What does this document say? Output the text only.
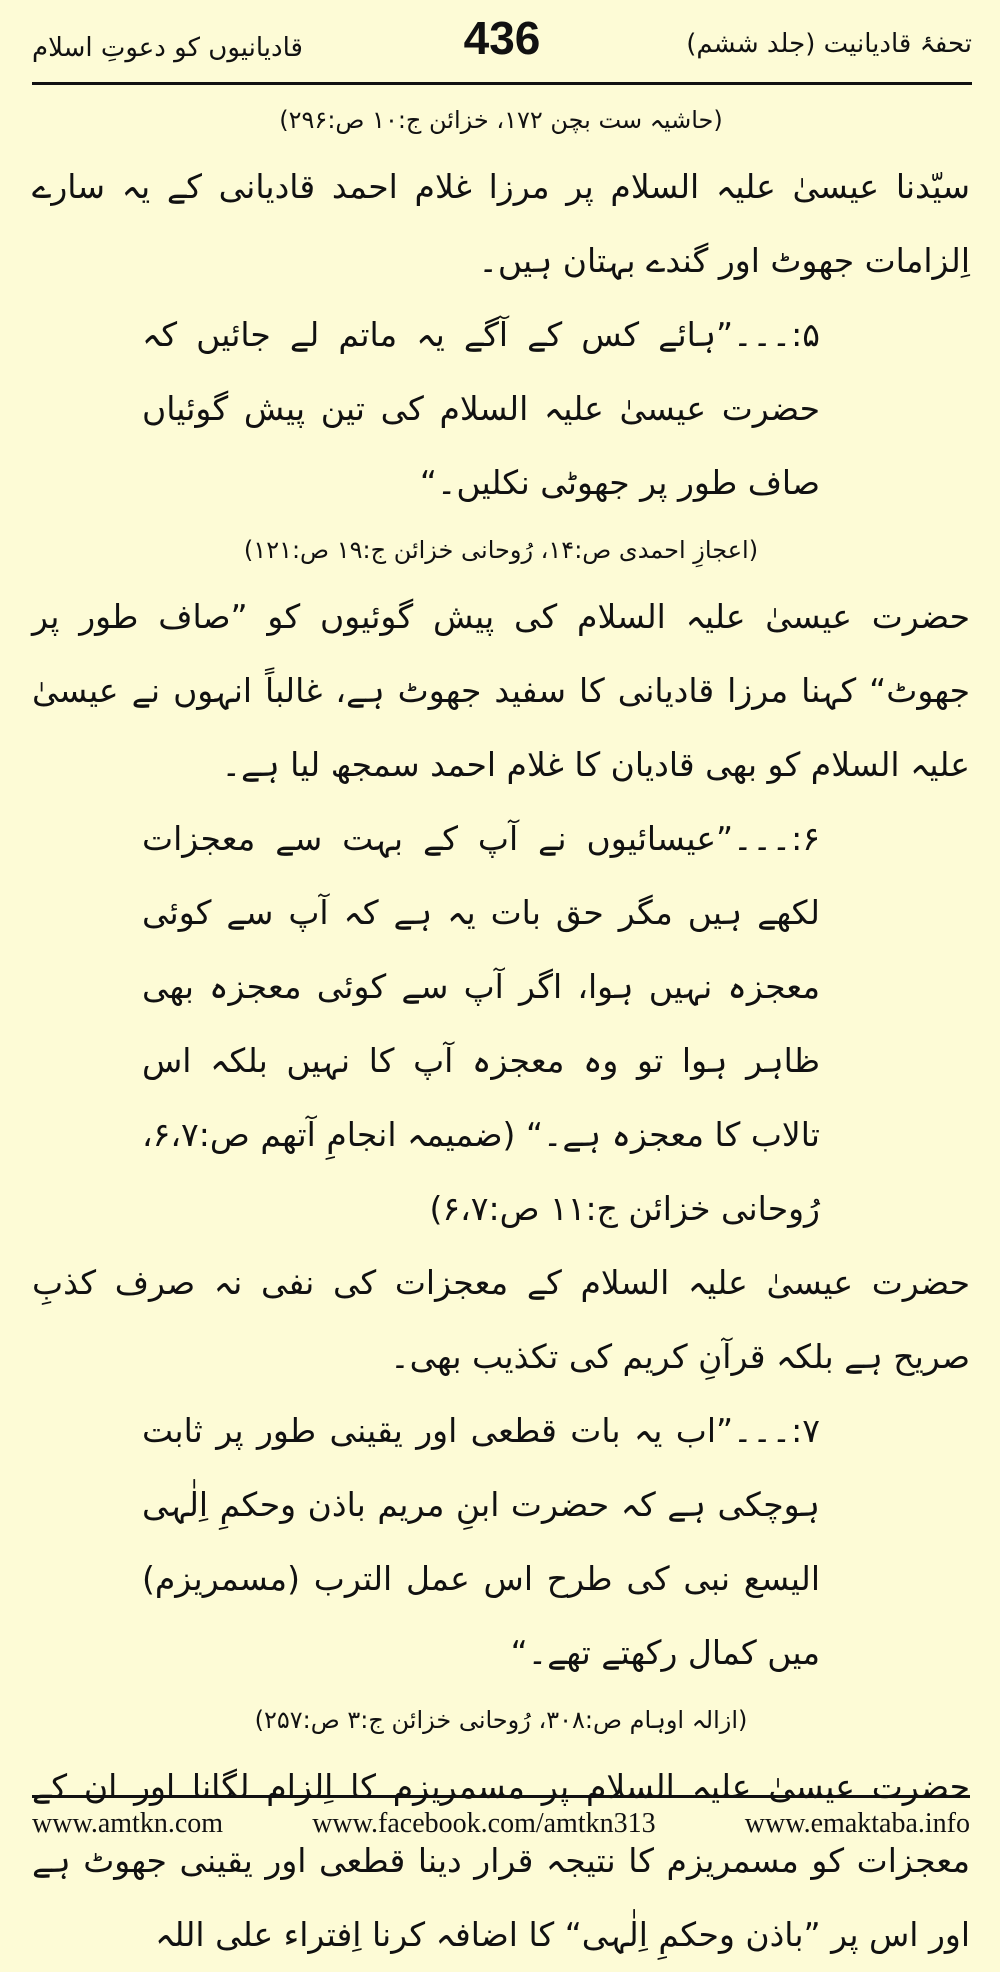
تحفۂ قادیانیت (جلد ششم)
436
قادیانیوں کو دعوتِ اسلام

(حاشیہ ست بچن ۱۷۲، خزائن ج:۱۰ ص:۲۹۶)

سیّدنا عیسیٰ علیہ السلام پر مرزا غلام احمد قادیانی کے یہ سارے اِلزامات جھوٹ اور گندے بہتان ہیں۔

۵:۔۔۔”ہائے کس کے آگے یہ ماتم لے جائیں کہ حضرت عیسیٰ علیہ السلام کی تین پیش گوئیاں صاف طور پر جھوٹی نکلیں۔“

(اعجازِ احمدی ص:۱۴، رُوحانی خزائن ج:۱۹ ص:۱۲۱)

حضرت عیسیٰ علیہ السلام کی پیش گوئیوں کو ”صاف طور پر جھوٹ“ کہنا مرزا قادیانی کا سفید جھوٹ ہے، غالباً انہوں نے عیسیٰ علیہ السلام کو بھی قادیان کا غلام احمد سمجھ لیا ہے۔

۶:۔۔۔”عیسائیوں نے آپ کے بہت سے معجزات لکھے ہیں مگر حق بات یہ ہے کہ آپ سے کوئی معجزہ نہیں ہوا، اگر آپ سے کوئی معجزہ بھی ظاہر ہوا تو وہ معجزہ آپ کا نہیں بلکہ اس تالاب کا معجزہ ہے۔“ (ضمیمہ انجامِ آتھم ص:۶،۷، رُوحانی خزائن ج:۱۱ ص:۶،۷)

حضرت عیسیٰ علیہ السلام کے معجزات کی نفی نہ صرف کذبِ صریح ہے بلکہ قرآنِ کریم کی تکذیب بھی۔

۷:۔۔۔”اب یہ بات قطعی اور یقینی طور پر ثابت ہوچکی ہے کہ حضرت ابنِ مریم باذن وحکمِ اِلٰہی الیسع نبی کی طرح اس عمل الترب (مسمریزم) میں کمال رکھتے تھے۔“

(ازالہ اوہام ص:۳۰۸، رُوحانی خزائن ج:۳ ص:۲۵۷)

حضرت عیسیٰ علیہ السلام پر مسمریزم کا اِلزام لگانا اور ان کے معجزات کو مسمریزم کا نتیجہ قرار دینا قطعی اور یقینی جھوٹ ہے اور اس پر ”باذن وحکمِ اِلٰہی“ کا اضافہ کرنا اِفتراء علی اللہ

www.amtkn.com	www.facebook.com/amtkn313	www.emaktaba.info
